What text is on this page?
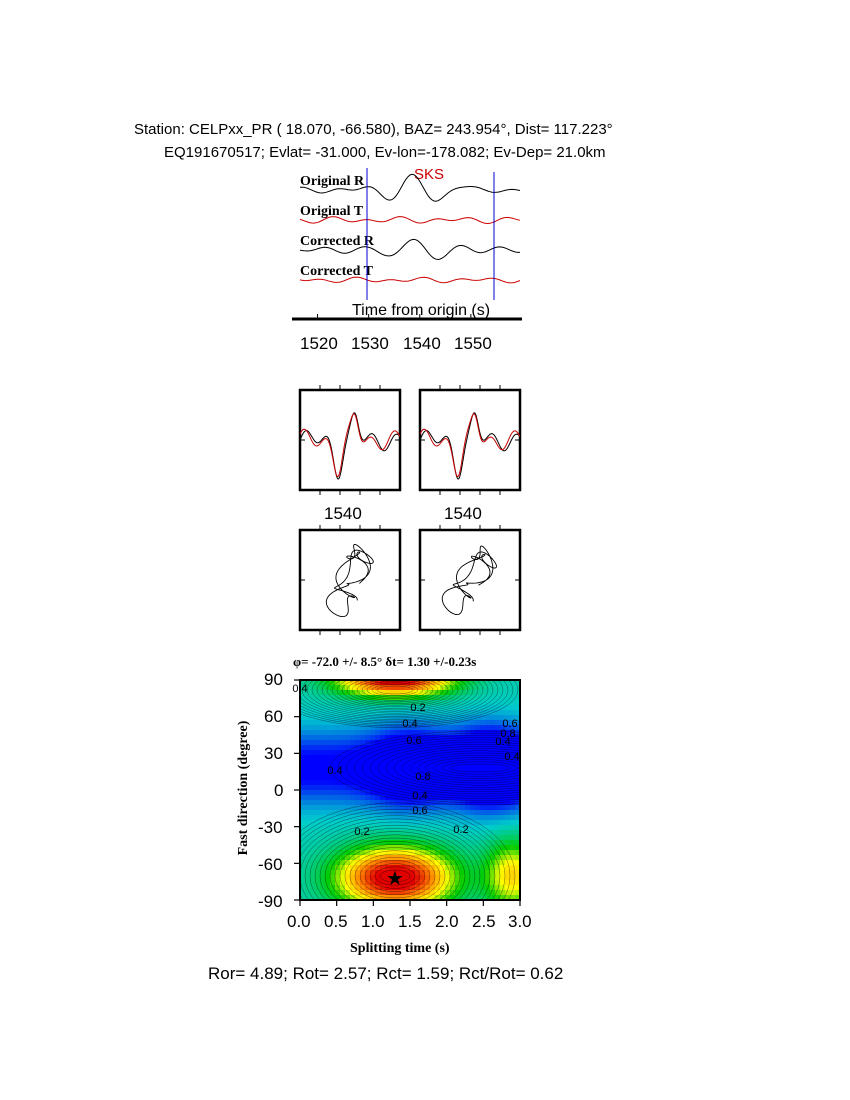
Station: CELPxx_PR ( 18.070, -66.580), BAZ= 243.954°, Dist= 117.223°
EQ191670517; Evlat= -31.000, Ev-lon=-178.082; Ev-Dep= 21.0km
Original R
Original T
Corrected R
Corrected T
SKS
Time from origin (s)
1520 1530 1540 1550
1540	1540
φ= -72.0 +/- 8.5° δt= 1.30 +/-0.23s
Splitting time (s)
Fast direction (degree)
90
60
30
0
-30
-60
-90
0.0 0.5 1.0 1.5 2.0 2.5 3.0
Ror= 4.89; Rot= 2.57; Rct= 1.59; Rct/Rot= 0.62
0.2
0.4
0.6
0.8
0.2	0.2
0.4
0.6
0.4
0.4
0.6
0.8
0.4
0.4
★
